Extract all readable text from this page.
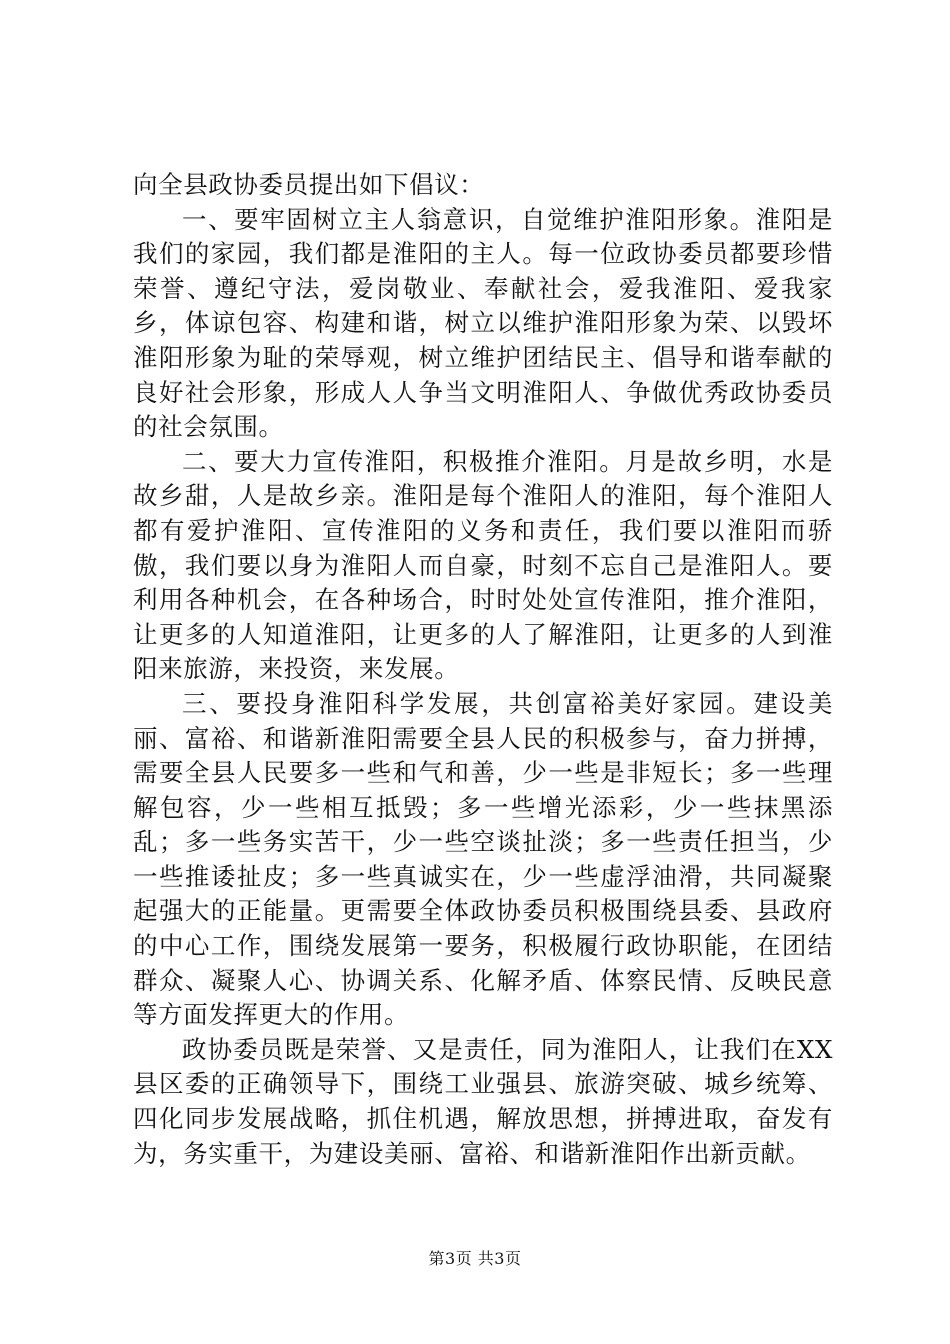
向全县政协委员提出如下倡议：

一、要牢固树立主人翁意识，自觉维护淮阳形象。淮阳是我们的家园，我们都是淮阳的主人。每一位政协委员都要珍惜荣誉、遵纪守法，爱岗敬业、奉献社会，爱我淮阳、爱我家乡，体谅包容、构建和谐，树立以维护淮阳形象为荣、以毁坏淮阳形象为耻的荣辱观，树立维护团结民主、倡导和谐奉献的良好社会形象，形成人人争当文明淮阳人、争做优秀政协委员的社会氛围。

二、要大力宣传淮阳，积极推介淮阳。月是故乡明，水是故乡甜，人是故乡亲。淮阳是每个淮阳人的淮阳，每个淮阳人都有爱护淮阳、宣传淮阳的义务和责任，我们要以淮阳而骄傲，我们要以身为淮阳人而自豪，时刻不忘自己是淮阳人。要利用各种机会，在各种场合，时时处处宣传淮阳，推介淮阳，让更多的人知道淮阳，让更多的人了解淮阳，让更多的人到淮阳来旅游，来投资，来发展。

三、要投身淮阳科学发展，共创富裕美好家园。建设美丽、富裕、和谐新淮阳需要全县人民的积极参与，奋力拼搏，需要全县人民要多一些和气和善，少一些是非短长；多一些理解包容，少一些相互抵毁；多一些增光添彩，少一些抹黑添乱；多一些务实苦干，少一些空谈扯淡；多一些责任担当，少一些推诿扯皮；多一些真诚实在，少一些虚浮油滑，共同凝聚起强大的正能量。更需要全体政协委员积极围绕县委、县政府的中心工作，围绕发展第一要务，积极履行政协职能，在团结群众、凝聚人心、协调关系、化解矛盾、体察民情、反映民意等方面发挥更大的作用。

政协委员既是荣誉、又是责任，同为淮阳人，让我们在XX县区委的正确领导下，围绕工业强县、旅游突破、城乡统筹、四化同步发展战略，抓住机遇，解放思想，拼搏进取，奋发有为，务实重干，为建设美丽、富裕、和谐新淮阳作出新贡献。

第3页 共3页
